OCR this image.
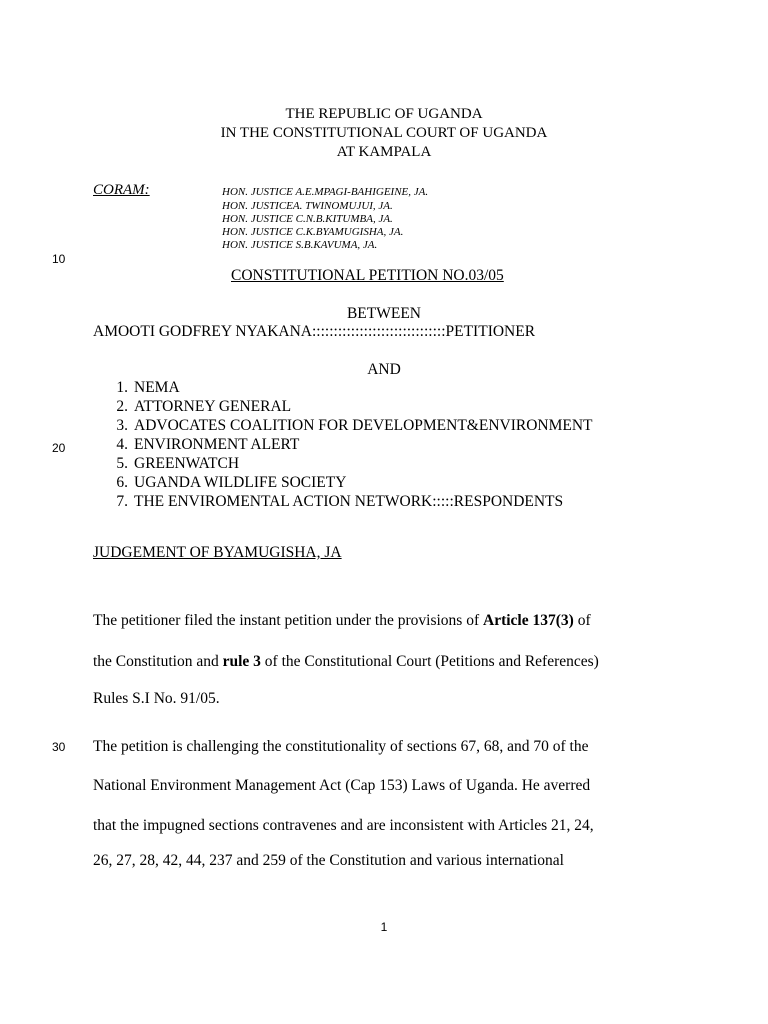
THE REPUBLIC OF UGANDA
IN THE CONSTITUTIONAL COURT OF UGANDA
AT KAMPALA
CORAM:	HON. JUSTICE A.E.MPAGI-BAHIGEINE, JA.
HON. JUSTICEA. TWINOMUJUI, JA.
HON. JUSTICE C.N.B.KITUMBA, JA.
HON. JUSTICE C.K.BYAMUGISHA, JA.
HON. JUSTICE S.B.KAVUMA, JA.
10
20
30
CONSTITUTIONAL PETITION NO.03/05
BETWEEN
AMOOTI GODFREY NYAKANA:::::::::::::::::::::::::::::::PETITIONER
AND
1. NEMA
2. ATTORNEY GENERAL
3. ADVOCATES COALITION FOR DEVELOPMENT&ENVIRONMENT
4. ENVIRONMENT ALERT
5. GREENWATCH
6. UGANDA WILDLIFE SOCIETY
7. THE ENVIROMENTAL ACTION NETWORK:::::RESPONDENTS
JUDGEMENT OF BYAMUGISHA, JA
The petitioner filed the instant petition under the provisions of Article 137(3) of
the Constitution and rule 3 of the Constitutional Court (Petitions and References)
Rules S.I No. 91/05.
The petition is challenging the constitutionality of sections 67, 68, and 70 of the
National Environment Management Act (Cap 153) Laws of Uganda. He averred
that the impugned sections contravenes and are inconsistent with Articles 21, 24,
26, 27, 28, 42, 44, 237 and 259 of the Constitution and various international
1
